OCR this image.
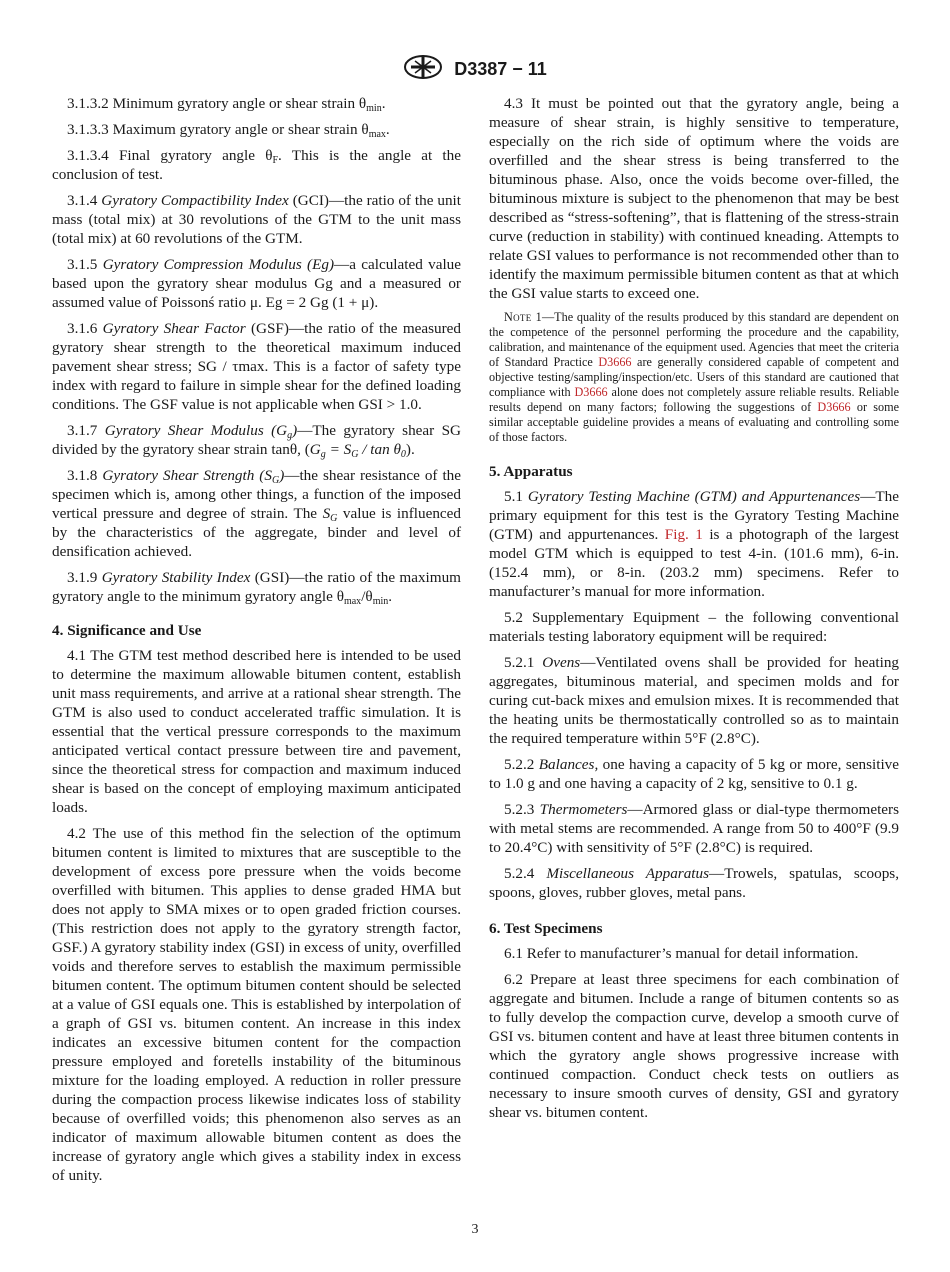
D3387 − 11

3.1.3.2 Minimum gyratory angle or shear strain $\theta_{min}$.

3.1.3.3 Maximum gyratory angle or shear strain $\theta_{max}$.

3.1.3.4 Final gyratory angle $\theta_F$. This is the angle at the conclusion of test.

3.1.4 Gyratory Compactibility Index (GCI)—the ratio of the unit mass (total mix) at 30 revolutions of the GTM to the unit mass (total mix) at 60 revolutions of the GTM.

3.1.5 Gyratory Compression Modulus (Eg)—a calculated value based upon the gyratory shear modulus Gg and a measured or assumed value of Poissonś ratio μ. Eg = 2 Gg (1 + μ).

3.1.6 Gyratory Shear Factor (GSF)—the ratio of the measured gyratory shear strength to the theoretical maximum induced pavement shear stress; SG / τmax. This is a factor of safety type index with regard to failure in simple shear for the defined loading conditions. The GSF value is not applicable when GSI > 1.0.

3.1.7 Gyratory Shear Modulus $(G_g)—The$ gyratory shear SG divided by the gyratory shear strain tanθ, $(G_g = S_G / \tan \theta_0)$.

3.1.8 Gyratory Shear Strength $(S_G)—the$ shear resistance of the specimen which is, among other things, a function of the imposed vertical pressure and degree of strain. The $S_G$ value is influenced by the characteristics of the aggregate, binder and level of densification achieved.

3.1.9 Gyratory Stability Index (GSI)—the ratio of the maximum gyratory angle to the minimum gyratory angle $\theta_{max}/\theta_{min}$.

4. Significance and Use

4.1 The GTM test method described here is intended to be used to determine the maximum allowable bitumen content, establish unit mass requirements, and arrive at a rational shear strength. The GTM is also used to conduct accelerated traffic simulation. It is essential that the vertical pressure corresponds to the maximum anticipated vertical contact pressure between tire and pavement, since the theoretical stress for compaction and maximum induced shear is based on the concept of employing maximum anticipated loads.

4.2 The use of this method fin the selection of the optimum bitumen content is limited to mixtures that are susceptible to the development of excess pore pressure when the voids become overfilled with bitumen. This applies to dense graded HMA but does not apply to SMA mixes or to open graded friction courses. (This restriction does not apply to the gyratory strength factor, GSF.) A gyratory stability index (GSI) in excess of unity, overfilled voids and therefore serves to establish the maximum permissible bitumen content. The optimum bitumen content should be selected at a value of GSI equals one. This is established by interpolation of a graph of GSI vs. bitumen content. An increase in this index indicates an excessive bitumen content for the compaction pressure employed and foretells instability of the bituminous mixture for the loading employed. A reduction in roller pressure during the compaction process likewise indicates loss of stability because of overfilled voids; this phenomenon also serves as an indicator of maximum allowable bitumen content as does the increase of gyratory angle which gives a stability index in excess of unity.

4.3 It must be pointed out that the gyratory angle, being a measure of shear strain, is highly sensitive to temperature, especially on the rich side of optimum where the voids are overfilled and the shear stress is being transferred to the bituminous phase. Also, once the voids become over-filled, the bituminous mixture is subject to the phenomenon that may be best described as “stress-softening”, that is flattening of the stress-strain curve (reduction in stability) with continued kneading. Attempts to relate GSI values to performance is not recommended other than to identify the maximum permissible bitumen content as that at which the GSI value starts to exceed one.

Note 1—The quality of the results produced by this standard are dependent on the competence of the personnel performing the procedure and the capability, calibration, and maintenance of the equipment used. Agencies that meet the criteria of Standard Practice D3666 are generally considered capable of competent and objective testing/sampling/inspection/etc. Users of this standard are cautioned that compliance with D3666 alone does not completely assure reliable results. Reliable results depend on many factors; following the suggestions of D3666 or some similar acceptable guideline provides a means of evaluating and controlling some of those factors.

5. Apparatus

5.1 Gyratory Testing Machine (GTM) and Appurtenances—The primary equipment for this test is the Gyratory Testing Machine (GTM) and appurtenances. Fig. 1 is a photograph of the largest model GTM which is equipped to test 4-in. (101.6 mm), 6-in. (152.4 mm), or 8-in. (203.2 mm) specimens. Refer to manufacturer’s manual for more information.

5.2 Supplementary Equipment – the following conventional materials testing laboratory equipment will be required:

5.2.1 Ovens—Ventilated ovens shall be provided for heating aggregates, bituminous material, and specimen molds and for curing cut-back mixes and emulsion mixes. It is recommended that the heating units be thermostatically controlled so as to maintain the required temperature within 5°F (2.8°C).

5.2.2 Balances, one having a capacity of 5 kg or more, sensitive to 1.0 g and one having a capacity of 2 kg, sensitive to 0.1 g.

5.2.3 Thermometers—Armored glass or dial-type thermometers with metal stems are recommended. A range from 50 to 400°F (9.9 to 20.4°C) with sensitivity of 5°F (2.8°C) is required.

5.2.4 Miscellaneous Apparatus—Trowels, spatulas, scoops, spoons, gloves, rubber gloves, metal pans.

6. Test Specimens

6.1 Refer to manufacturer’s manual for detail information.

6.2 Prepare at least three specimens for each combination of aggregate and bitumen. Include a range of bitumen contents so as to fully develop the compaction curve, develop a smooth curve of GSI vs. bitumen content and have at least three bitumen contents in which the gyratory angle shows progressive increase with continued compaction. Conduct check tests on outliers as necessary to insure smooth curves of density, GSI and gyratory shear vs. bitumen content.

3
